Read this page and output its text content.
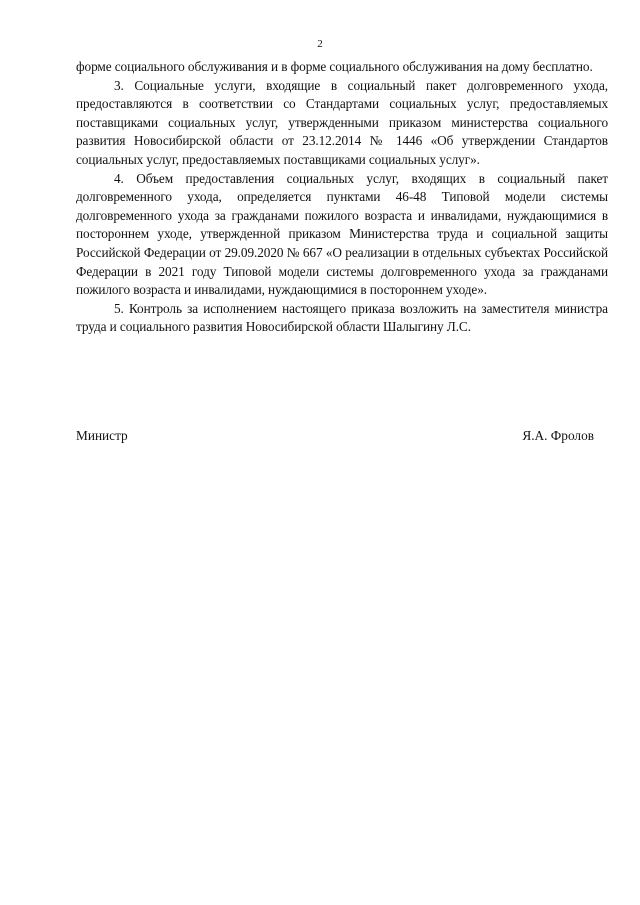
2

форме социального обслуживания и в форме социального обслуживания на дому бесплатно.

3. Социальные услуги, входящие в социальный пакет долговременного ухода, предоставляются в соответствии со Стандартами социальных услуг, предоставляемых поставщиками социальных услуг, утвержденными приказом министерства социального развития Новосибирской области от 23.12.2014 № 1446 «Об утверждении Стандартов социальных услуг, предоставляемых поставщиками социальных услуг».

4. Объем предоставления социальных услуг, входящих в социальный пакет долговременного ухода, определяется пунктами 46-48 Типовой модели системы долговременного ухода за гражданами пожилого возраста и инвалидами, нуждающимися в постороннем уходе, утвержденной приказом Министерства труда и социальной защиты Российской Федерации от 29.09.2020 № 667 «О реализации в отдельных субъектах Российской Федерации в 2021 году Типовой модели системы долговременного ухода за гражданами пожилого возраста и инвалидами, нуждающимися в постороннем уходе».

5. Контроль за исполнением настоящего приказа возложить на заместителя министра труда и социального развития Новосибирской области Шалыгину Л.С.

Министр	Я.А. Фролов
